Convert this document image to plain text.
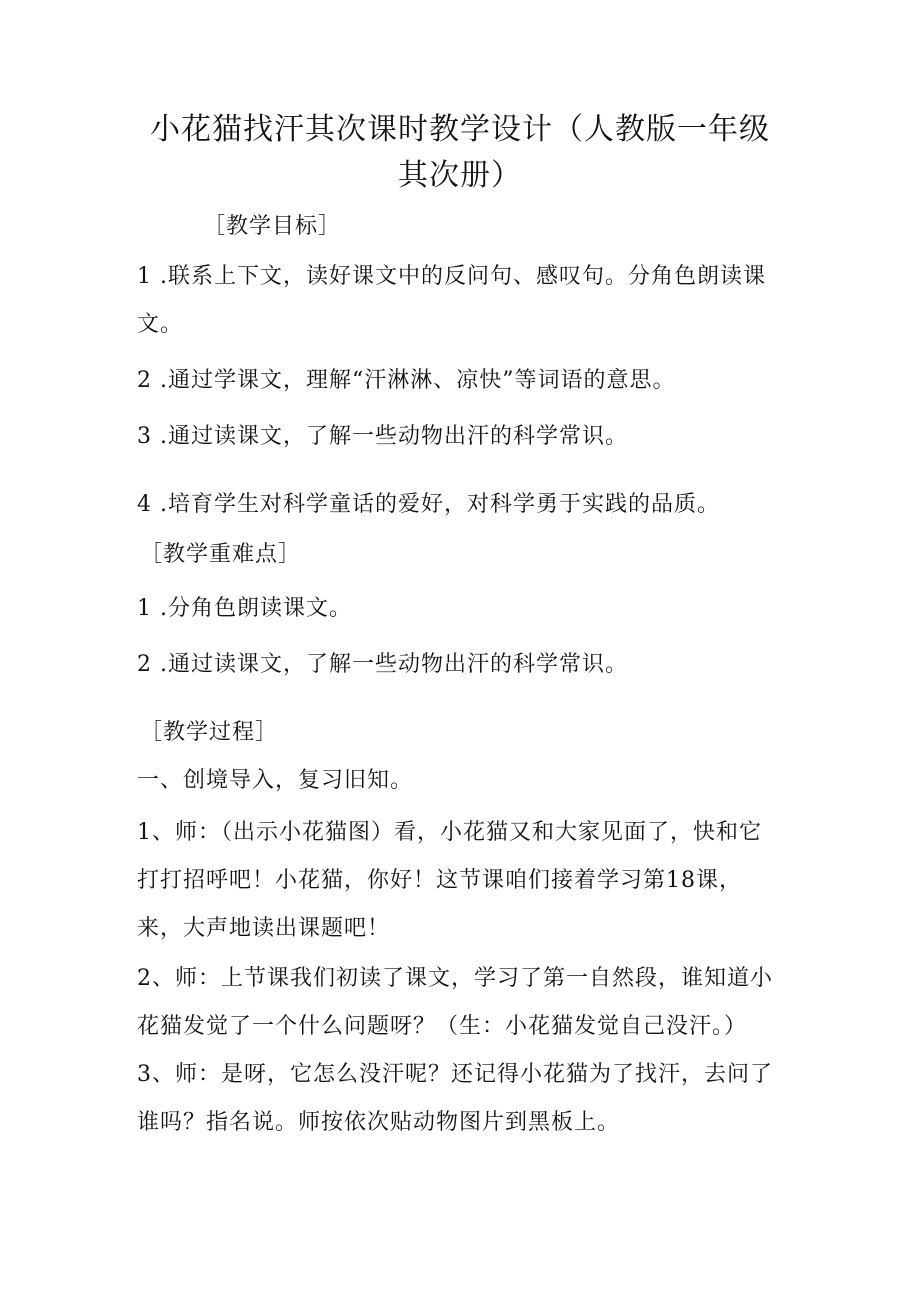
小花猫找汗其次课时教学设计（人教版一年级
其次册）
［教学目标］
1 .联系上下文，读好课文中的反问句、感叹句。分角色朗读课
文。
2 .通过学课文，理解“汗淋淋、凉快”等词语的意思。
3 .通过读课文，了解一些动物出汗的科学常识。
4 .培育学生对科学童话的爱好，对科学勇于实践的品质。
［教学重难点］
1 .分角色朗读课文。
2 .通过读课文，了解一些动物出汗的科学常识。
［教学过程］
一、创境导入，复习旧知。
1、师：（出示小花猫图）看，小花猫又和大家见面了，快和它
打打招呼吧！小花猫，你好！这节课咱们接着学习第18课，
来，大声地读出课题吧！
2、师：上节课我们初读了课文，学习了第一自然段，谁知道小
花猫发觉了一个什么问题呀？（生：小花猫发觉自己没汗。）
3、师：是呀，它怎么没汗呢？还记得小花猫为了找汗，去问了
谁吗？指名说。师按依次贴动物图片到黑板上。
